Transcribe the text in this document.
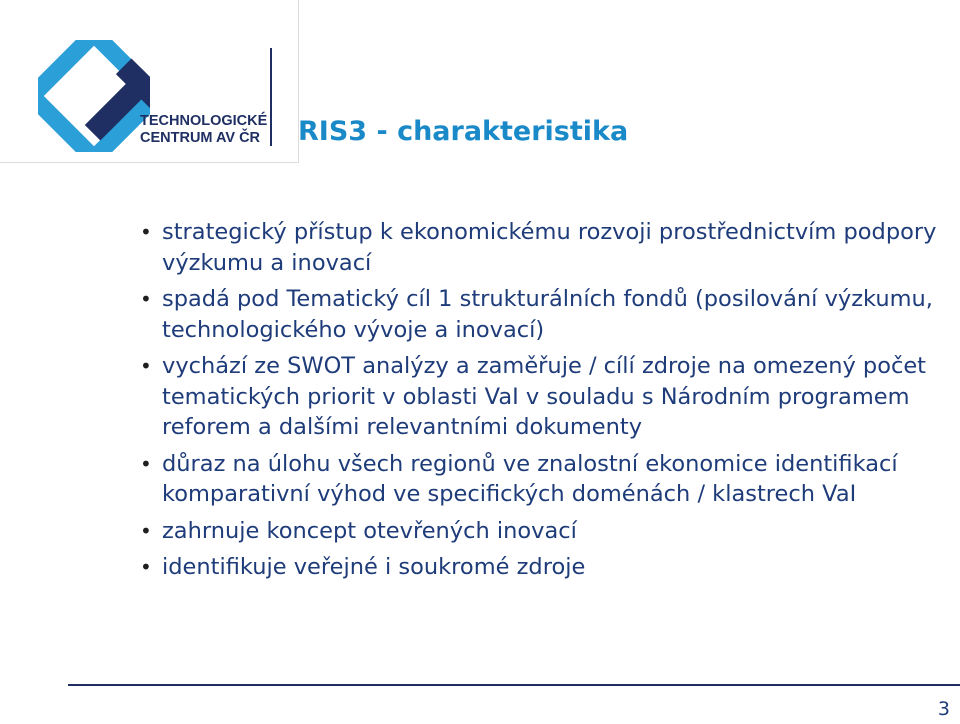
TECHNOLOGICKÉ
CENTRUM AV ČR RIS3 - charakteristika
• strategický přístup k ekonomickému rozvoji prostřednictvím podpory výzkumu a inovací
• spadá pod Tematický cíl 1 strukturálních fondů (posilování výzkumu, technologického vývoje a inovací)
• vychází ze SWOT analýzy a zaměřuje / cílí zdroje na omezený počet tematických priorit v oblasti VaI v souladu s Národním programem reforem a dalšími relevantními dokumenty
• důraz na úlohu všech regionů ve znalostní ekonomice identifikací komparativní výhod ve specifických doménách / klastrech VaI
• zahrnuje koncept otevřených inovací
• identifikuje veřejné i soukromé zdroje
3
